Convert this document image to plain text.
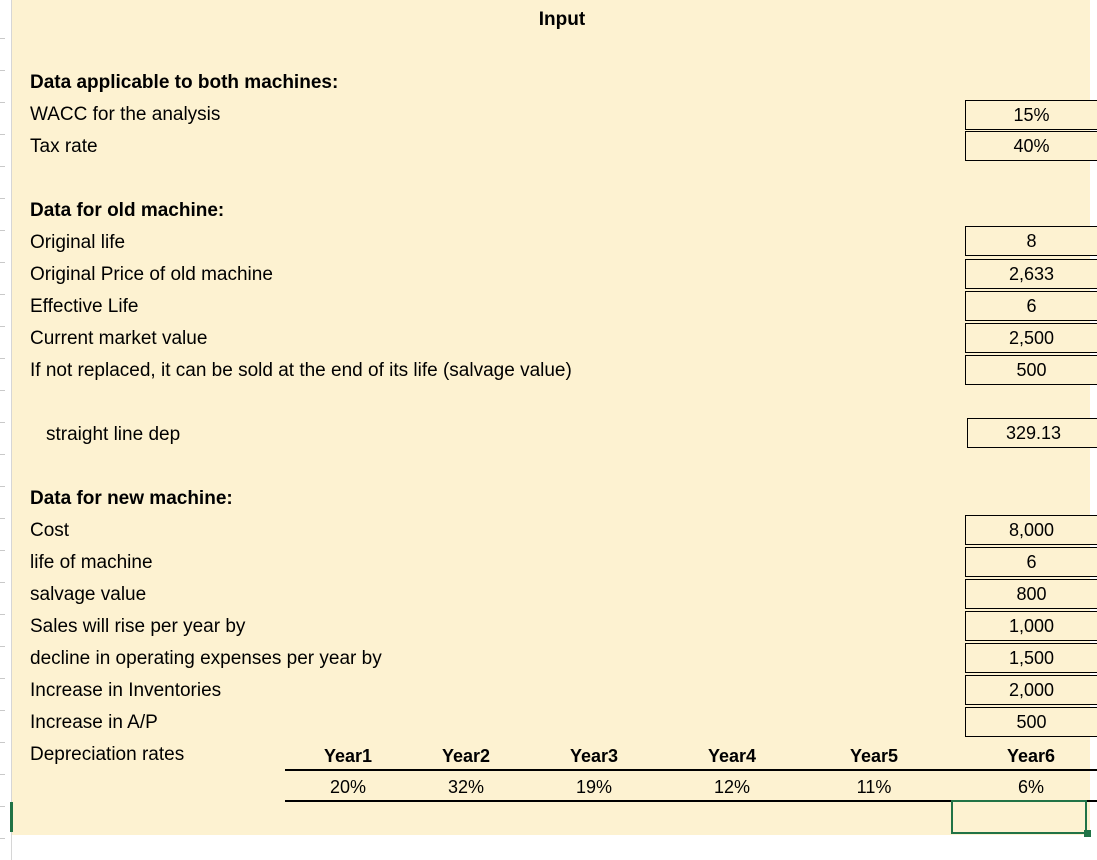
Input
Data applicable to both machines:
WACC for the analysis	15%
Tax rate	40%
Data for old machine:
Original life	8
Original Price of old machine	2,633
Effective Life	6
Current market value	2,500
If not replaced, it can be sold at the end of its life (salvage value)	500
straight line dep	329.13
Data for new machine:
Cost	8,000
life of machine	6
salvage value	800
Sales will rise per year by	1,000
decline in operating expenses per year by	1,500
Increase in Inventories	2,000
Increase in A/P	500
Depreciation rates	Year1	Year2	Year3	Year4	Year5	Year6
20%	32%	19%	12%	11%	6%
